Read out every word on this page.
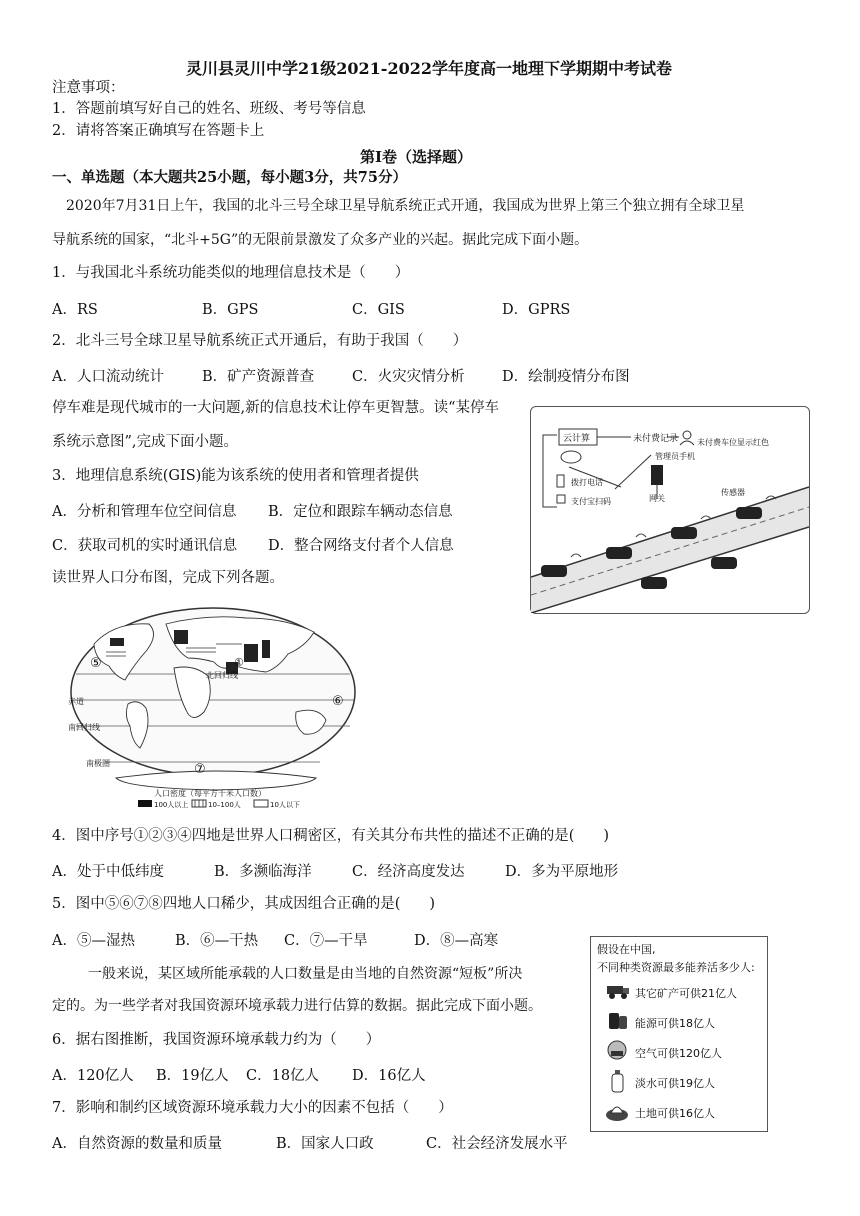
灵川县灵川中学21级2021-2022学年度高一地理下学期期中考试卷
注意事项：
1．答题前填写好自己的姓名、班级、考号等信息
2．请将答案正确填写在答题卡上
第Ⅰ卷（选择题）
一、单选题（本大题共25小题，每小题3分，共75分）
2020年7月31日上午，我国的北斗三号全球卫星导航系统正式开通，我国成为世界上第三个独立拥有全球卫星
导航系统的国家，“北斗+5G”的无限前景激发了众多产业的兴起。据此完成下面小题。
1．与我国北斗系统功能类似的地理信息技术是（　　）
A．RS	B．GPS	C．GIS	D．GPRS
2．北斗三号全球卫星导航系统正式开通后，有助于我国（　　）
A．人口流动统计	B．矿产资源普查	C．火灾灾情分析	D．绘制疫情分布图
停车难是现代城市的一大问题,新的信息技术让停车更智慧。读“某停车
系统示意图”,完成下面小题。
3．地理信息系统(GIS)能为该系统的使用者和管理者提供
A．分析和管理车位空间信息 B．定位和跟踪车辆动态信息
C．获取司机的实时通讯信息 D．整合网络支付者个人信息
读世界人口分布图，完成下列各题。
云计算	未付费记录 未付费车位显示红色
管理员手机
拨打电话
支付宝扫码	网关
传感器
北回归线
赤道
南回归线
南极圈
⑤
⑥
⑦
①
人口密度（每平方千米人口数）
100人以上	10–100人	10人以下
4．图中序号①②③④四地是世界人口稠密区，有关其分布共性的描述不正确的是(　　)
A．处于中低纬度	B．多濒临海洋	C．经济高度发达	D．多为平原地形
5．图中⑤⑥⑦⑧四地人口稀少，其成因组合正确的是(　　)
A．⑤—湿热	B．⑥—干热 C．⑦—干旱	D．⑧—高寒
一般来说，某区域所能承载的人口数量是由当地的自然资源“短板”所决
定的。为一些学者对我国资源环境承载力进行估算的数据。据此完成下面小题。
6．据右图推断，我国资源环境承载力约为（　　）
A．120亿人 B．19亿人 C．18亿人 D．16亿人
7．影响和制约区域资源环境承载力大小的因素不包括（　　）
A．自然资源的数量和质量	B．国家人口政	C．社会经济发展水平
假设在中国,
不同种类资源最多能养活多少人:
其它矿产可供21亿人
能源可供18亿人
空气可供120亿人
淡水可供19亿人
土地可供16亿人
